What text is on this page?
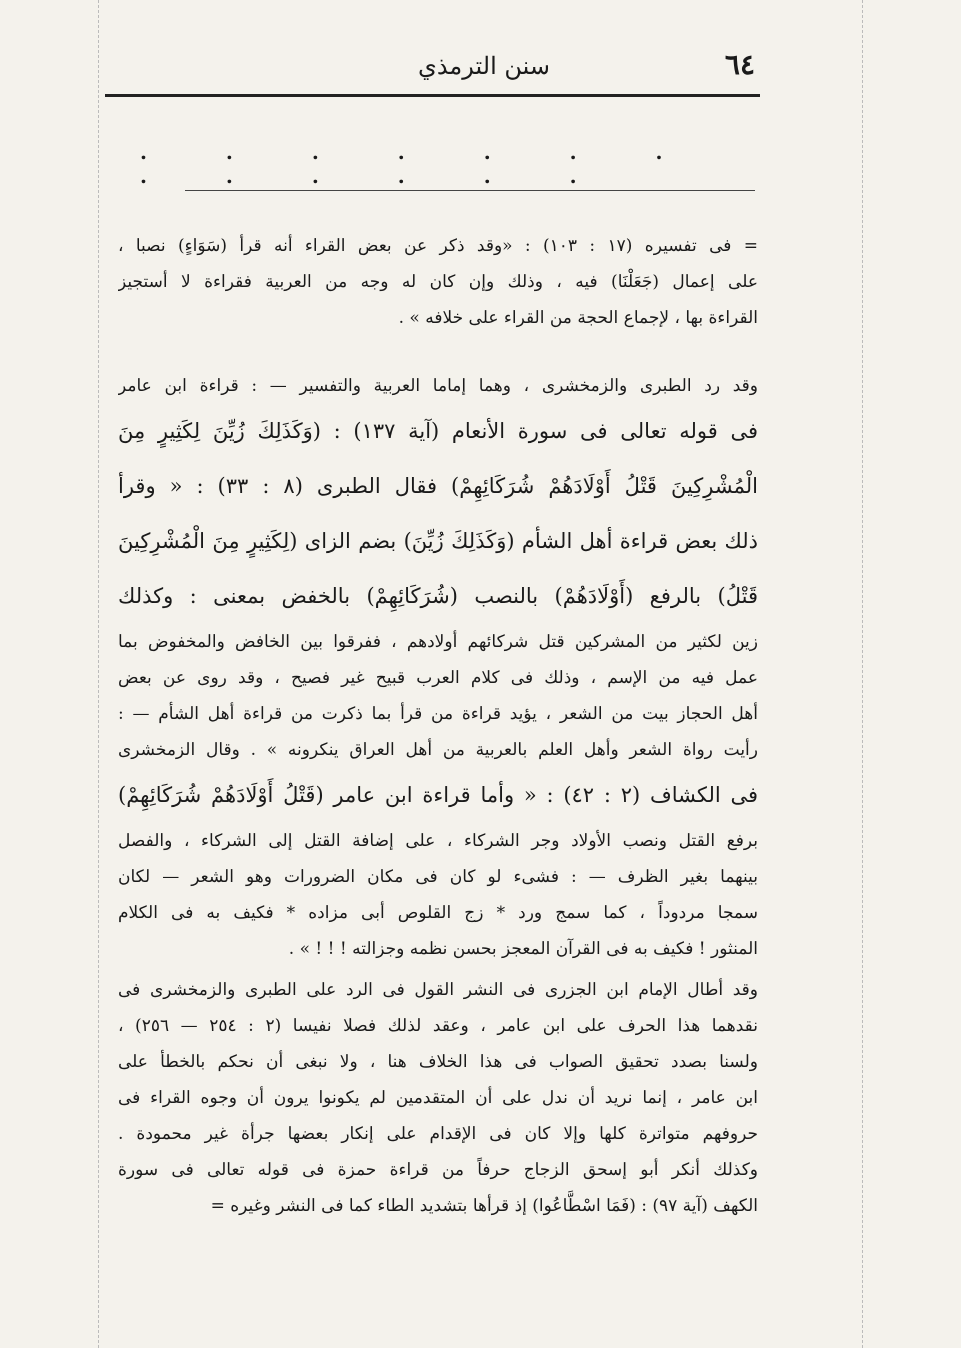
٦٤
سنن الترمذي
. . . . . . . . . . . . .
= فى تفسيره (١٧ : ١٠٣) : «وقد ذكر عن بعض القراء أنه قرأ (سَوَاءٍ) نصبا ،
على إعمال (جَعَلْنَا) فيه ، وذلك وإن كان له وجه من العربية فقراءة لا أستجيز
القراءة بها ، لإجماع الحجة من القراء على خلافه » .
وقد رد الطبرى والزمخشرى ، وهما إماما العربية والتفسير — : قراءة ابن عامر
فى قوله تعالى فى سورة الأنعام (آية ١٣٧) : (وَكَذَلِكَ زُيِّنَ لِكَثِيرٍ مِنَ
الْمُشْرِكِينَ قَتْلُ أَوْلَادَهُمْ شُرَكَائِهِمْ) فقال الطبرى (٨ : ٣٣) : « وقرأ
ذلك بعض قراءة أهل الشأم (وَكَذَلِكَ زُيِّنَ) بضم الزاى (لِكَثِيرٍ مِنَ الْمُشْرِكِينَ
قَتْلُ) بالرفع (أَوْلَادَهُمْ) بالنصب (شُرَكَائِهِمْ) بالخفض بمعنى : وكذلك
زين لكثير من المشركين قتل شركائهم أولادهم ، ففرقوا بين الخافض والمخفوض بما
عمل فيه من الإسم ، وذلك فى كلام العرب قبيح غير فصيح ، وقد روى عن بعض
أهل الحجاز بيت من الشعر ، يؤيد قراءة من قرأ بما ذكرت من قراءة أهل الشأم — :
رأيت رواة الشعر وأهل العلم بالعربية من أهل العراق ينكرونه » . وقال الزمخشرى
فى الكشاف (٢ : ٤٢) : « وأما قراءة ابن عامر (قَتْلُ أَوْلَادَهُمْ شُرَكَائِهِمْ)
برفع القتل ونصب الأولاد وجر الشركاء ، على إضافة القتل إلى الشركاء ، والفصل
بينهما بغير الظرف — : فشىء لو كان فى مكان الضرورات وهو الشعر — لكان
سمجا مردوداً ، كما سمج ورد * زج القلوص أبى مزاده * فكيف به فى الكلام
المنثور ! فكيف به فى القرآن المعجز بحسن نظمه وجزالته ! ! ! » .
وقد أطال الإمام ابن الجزرى فى النشر القول فى الرد على الطبرى والزمخشرى فى
نقدهما هذا الحرف على ابن عامر ، وعقد لذلك فصلا نفيسا (٢ : ٢٥٤ — ٢٥٦) ،
ولسنا بصدد تحقيق الصواب فى هذا الخلاف هنا ، ولا نبغى أن نحكم بالخطأ على
ابن عامر ، إنما نريد أن ندل على أن المتقدمين لم يكونوا يرون أن وجوه القراء فى
حروفهم متواترة كلها وإلا كان فى الإقدام على إنكار بعضها جرأة غير محمودة .
وكذلك أنكر أبو إسحق الزجاج حرفاً من قراءة حمزة فى قوله تعالى فى سورة
الكهف (آية ٩٧) : (فَمَا اسْطَّاعُوا) إذ قرأها بتشديد الطاء كما فى النشر وغيره =
